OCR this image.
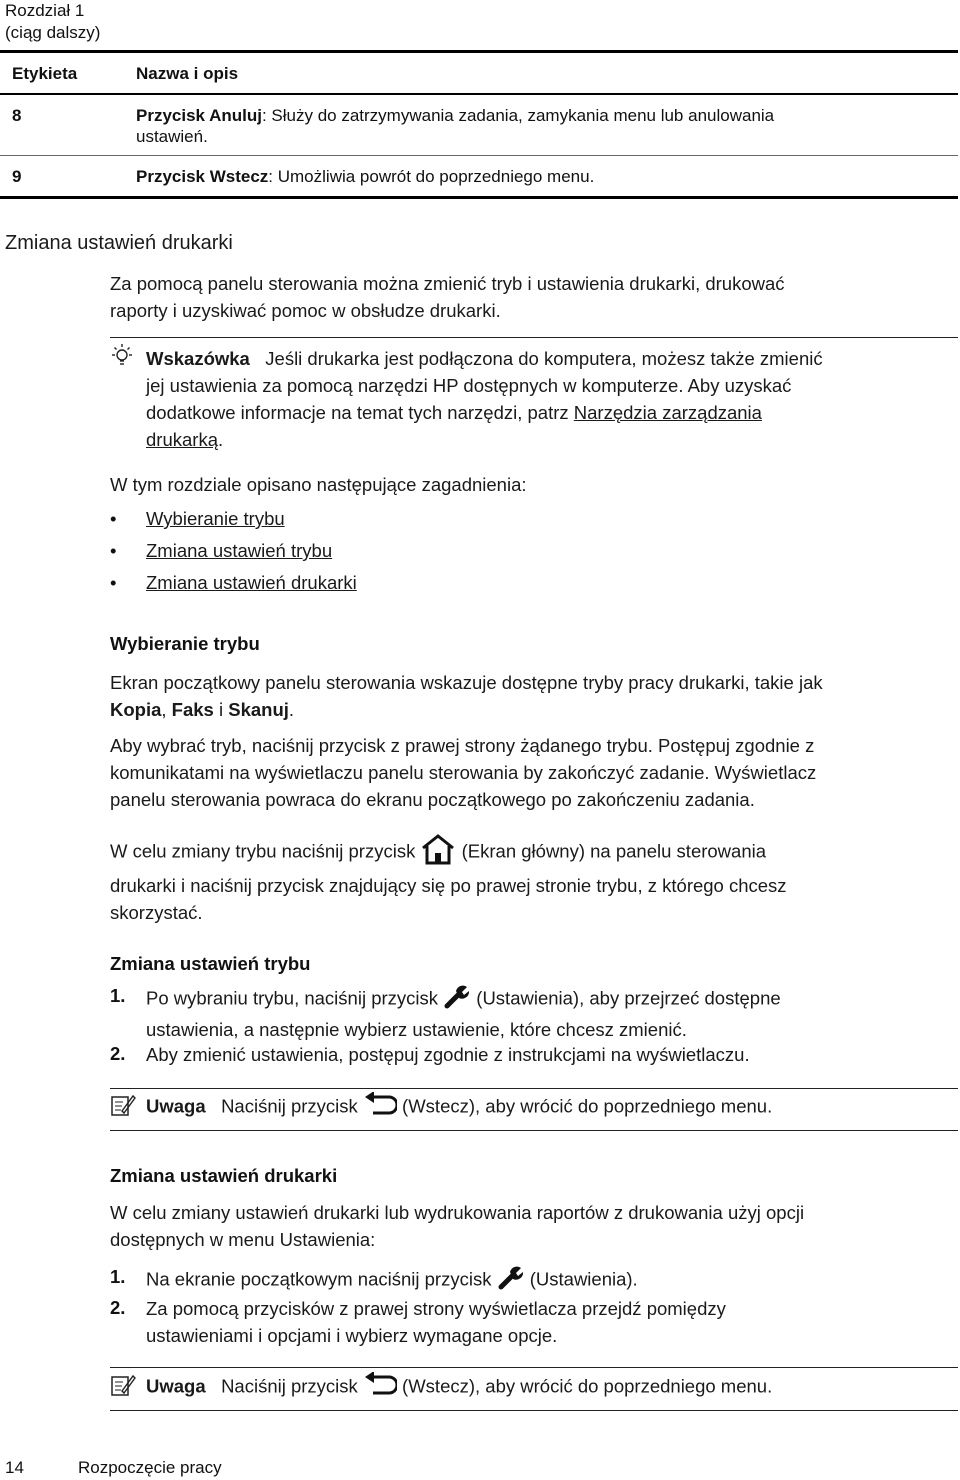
Rozdział 1
(ciąg dalszy)
Etykieta	Nazwa i opis
8	Przycisk Anuluj: Służy do zatrzymywania zadania, zamykania menu lub anulowania
ustawień.
9	Przycisk Wstecz: Umożliwia powrót do poprzedniego menu.
Zmiana ustawień drukarki
Za pomocą panelu sterowania można zmienić tryb i ustawienia drukarki, drukować
raporty i uzyskiwać pomoc w obsłudze drukarki.
Wskazówka Jeśli drukarka jest podłączona do komputera, możesz także zmienić
jej ustawienia za pomocą narzędzi HP dostępnych w komputerze. Aby uzyskać
dodatkowe informacje na temat tych narzędzi, patrz Narzędzia zarządzania
drukarką.
W tym rozdziale opisano następujące zagadnienia:
• Wybieranie trybu
• Zmiana ustawień trybu
• Zmiana ustawień drukarki
Wybieranie trybu
Ekran początkowy panelu sterowania wskazuje dostępne tryby pracy drukarki, takie jak
Kopia, Faks i Skanuj.
Aby wybrać tryb, naciśnij przycisk z prawej strony żądanego trybu. Postępuj zgodnie z
komunikatami na wyświetlaczu panelu sterowania by zakończyć zadanie. Wyświetlacz
panelu sterowania powraca do ekranu początkowego po zakończeniu zadania.
W celu zmiany trybu naciśnij przycisk  (Ekran główny) na panelu sterowania
drukarki i naciśnij przycisk znajdujący się po prawej stronie trybu, z którego chcesz
skorzystać.
Zmiana ustawień trybu
1. Po wybraniu trybu, naciśnij przycisk  (Ustawienia), aby przejrzeć dostępne
ustawienia, a następnie wybierz ustawienie, które chcesz zmienić.
2. Aby zmienić ustawienia, postępuj zgodnie z instrukcjami na wyświetlaczu.
Uwaga Naciśnij przycisk  (Wstecz), aby wrócić do poprzedniego menu.
Zmiana ustawień drukarki
W celu zmiany ustawień drukarki lub wydrukowania raportów z drukowania użyj opcji
dostępnych w menu Ustawienia:
1. Na ekranie początkowym naciśnij przycisk  (Ustawienia).
2. Za pomocą przycisków z prawej strony wyświetlacza przejdź pomiędzy
ustawieniami i opcjami i wybierz wymagane opcje.
Uwaga Naciśnij przycisk  (Wstecz), aby wrócić do poprzedniego menu.
14	Rozpoczęcie pracy
